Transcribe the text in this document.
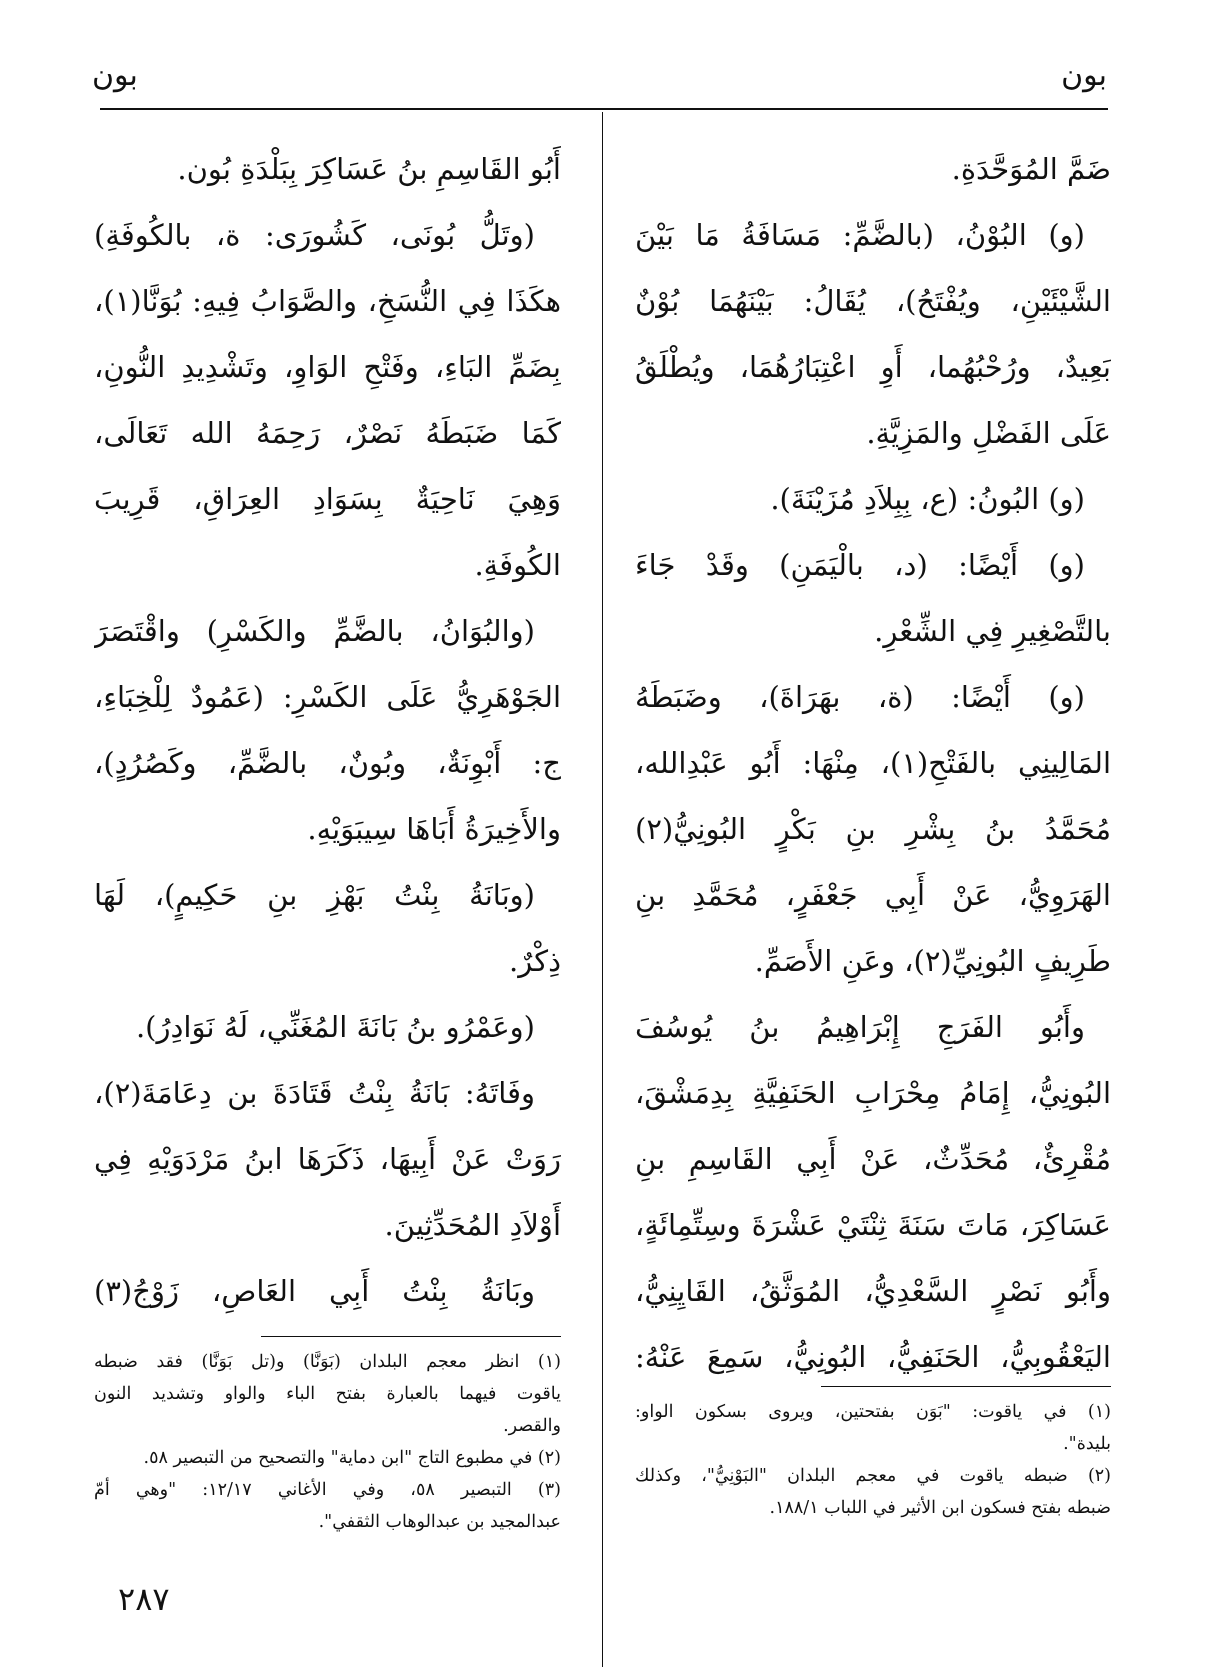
بون
بون
ضَمَّ المُوَحَّدَةِ.
(و) البُوْنُ، (بالضَّمِّ: مَسَافَةُ مَا بَيْنَ
الشَّيْئَيْنِ، ويُفْتَحُ)، يُقَالُ: بَيْنَهُمَا بُوْنٌ
بَعِيدٌ، ورُحْبُهُما، أَوِ اعْتِبَارُهُمَا، ويُطْلَقُ
عَلَى الفَضْلِ والمَزِيَّةِ.
(و) البُونُ: (ع، بِبِلاَدِ مُزَيْنَةَ).
(و) أَيْضًا: (د، بالْيَمَنِ) وقَدْ جَاءَ
بالتَّصْغِيرِ فِي الشِّعْرِ.
(و) أَيْضًا: (ة، بهَرَاةَ)، وضَبَطَهُ
المَالِينِي بالفَتْحِ(١)، مِنْهَا: أَبُو عَبْدِالله،
مُحَمَّدُ بنُ بِشْرِ بنِ بَكْرٍ البُونِيُّ(٢)
الهَرَوِيُّ، عَنْ أَبِي جَعْفَرٍ، مُحَمَّدِ بنِ
طَرِيفٍ البُونِيِّ(٢)، وعَنِ الأَصَمِّ.
وأَبُو الفَرَجِ إِبْرَاهِيمُ بنُ يُوسُفَ
البُونِيُّ، إِمَامُ مِحْرَابِ الحَنَفِيَّةِ بِدِمَشْقَ،
مُقْرِئٌ، مُحَدِّثٌ، عَنْ أَبِي القَاسِمِ بنِ
عَسَاكِرَ، مَاتَ سَنَةَ ثِنْتَيْ عَشْرَةَ وسِتِّمِائَةٍ،
وأَبُو نَصْرٍ السَّعْدِيُّ، المُوَثَّقُ، القَايِنِيُّ،
اليَعْقُوبِيُّ، الحَنَفِيُّ، البُونِيُّ، سَمِعَ عَنْهُ:
أَبُو القَاسِمِ بنُ عَسَاكِرَ بِبَلْدَةِ بُون.
(وتَلُّ بُونَى، كَشُورَى: ة، بالكُوفَةِ)
هكَذَا فِي النُّسَخِ، والصَّوَابُ فِيهِ: بُوَنَّا(١)،
بِضَمِّ البَاءِ، وفَتْحِ الوَاوِ، وتَشْدِيدِ النُّونِ،
كَمَا ضَبَطَهُ نَصْرٌ، رَحِمَهُ الله تَعَالَى،
وَهِيَ نَاحِيَةٌ بِسَوَادِ العِرَاقِ، قَرِيبَ
الكُوفَةِ.
(والبُوَانُ، بالضَّمِّ والكَسْرِ) واقْتَصَرَ
الجَوْهَرِيُّ عَلَى الكَسْرِ: (عَمُودٌ لِلْخِبَاءِ،
ج: أَبْوِنَةٌ، وبُونٌ، بالضَّمِّ، وكَصُرُدٍ)،
والأَخِيرَةُ أَبَاهَا سِيبَوَيْهِ.
(وبَانَةُ بِنْتُ بَهْزِ بنِ حَكِيمٍ)، لَهَا
ذِكْرٌ.
(وعَمْرُو بنُ بَانَةَ المُغَنِّي، لَهُ نَوَادِرُ).
وفَاتَهُ: بَانَةُ بِنْتُ قَتَادَةَ بن دِعَامَةَ(٢)،
رَوَتْ عَنْ أَبِيهَا، ذَكَرَهَا ابنُ مَرْدَوَيْهِ فِي
أَوْلاَدِ المُحَدِّثِينَ.
وبَانَةُ بِنْتُ أَبِي العَاصِ، زَوْجُ(٣)
(١) في ياقوت: "بَوَن بفتحتين، ويروى بسكون الواو:
بليدة".
(٢) ضبطه ياقوت في معجم البلدان "البَوْنِيُّ"، وكذلك
ضبطه بفتح فسكون ابن الأثير في اللباب ١٨٨/١.
(١) انظر معجم البلدان (بَوَنَّا) و(تل بَوَنَّا) فقد ضبطه
ياقوت فيهما بالعبارة بفتح الباء والواو وتشديد النون
والقصر.
(٢) في مطبوع التاج "ابن دماية" والتصحيح من التبصير ٥٨.
(٣) التبصير ٥٨، وفي الأغاني ١٢/١٧: "وهي أمّ
عبدالمجيد بن عبدالوهاب الثقفي".
٢٨٧
